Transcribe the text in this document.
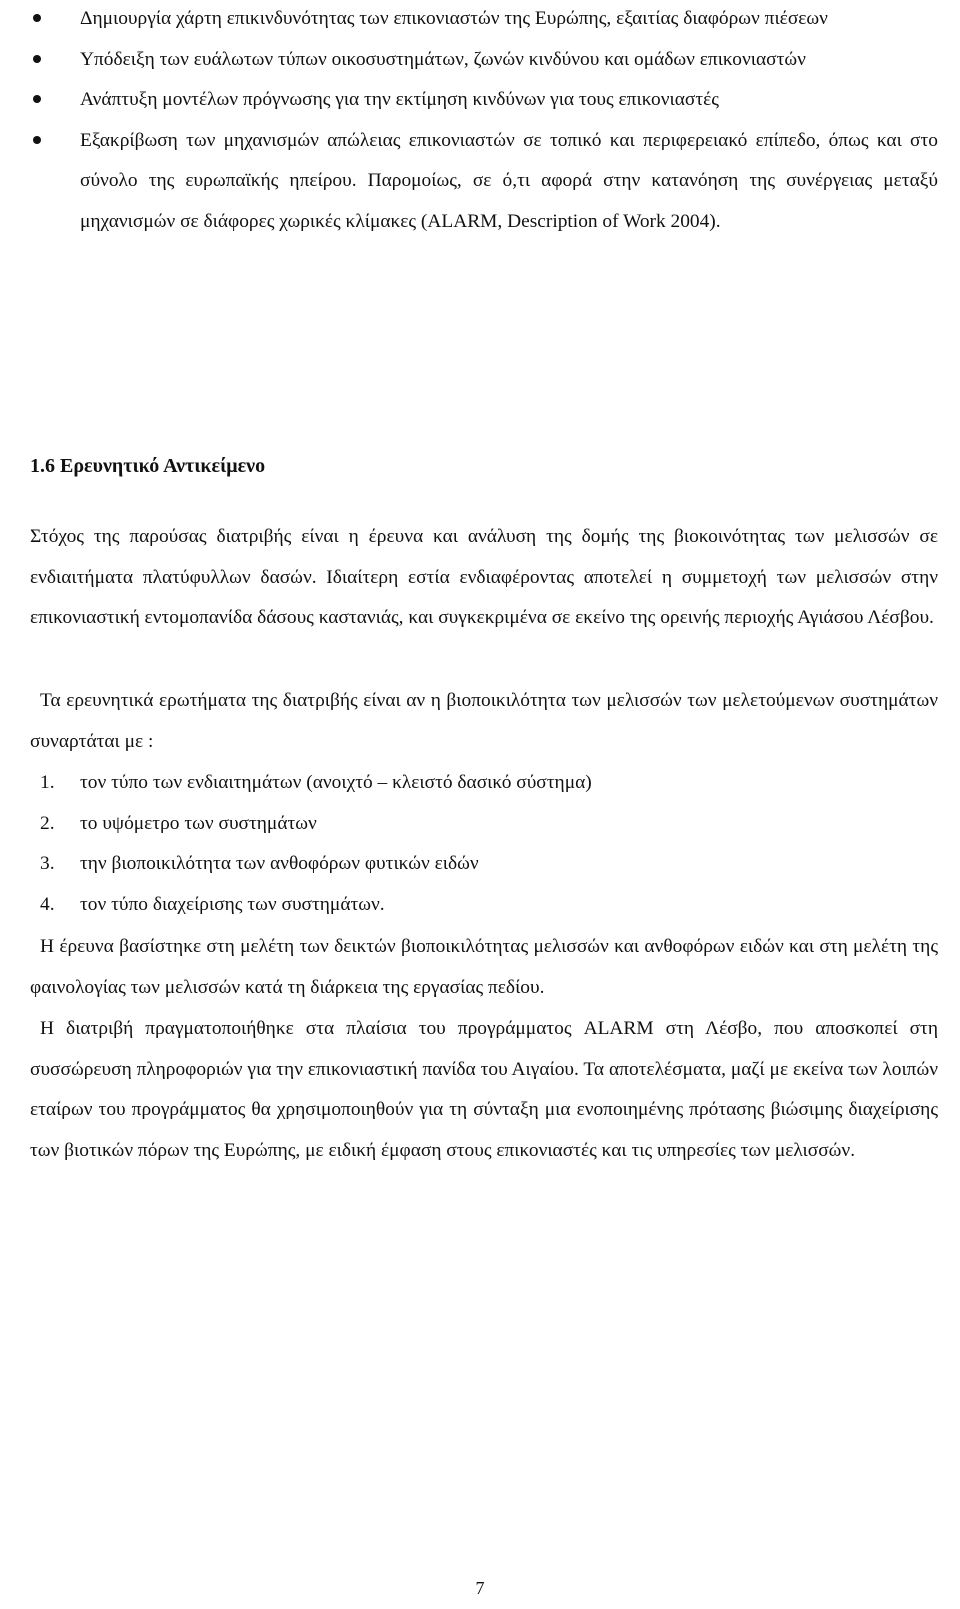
Δημιουργία χάρτη επικινδυνότητας των επικονιαστών της Ευρώπης, εξαιτίας διαφόρων πιέσεων
Υπόδειξη των ευάλωτων τύπων οικοσυστημάτων, ζωνών κινδύνου και ομάδων επικονιαστών
Ανάπτυξη μοντέλων πρόγνωσης για την εκτίμηση κινδύνων για τους επικονιαστές
Εξακρίβωση των μηχανισμών απώλειας επικονιαστών σε τοπικό και περιφερειακό επίπεδο, όπως και στο σύνολο της ευρωπαϊκής ηπείρου. Παρομοίως, σε ό,τι αφορά στην κατανόηση της συνέργειας μεταξύ μηχανισμών σε διάφορες χωρικές κλίμακες (ALARM, Description of Work 2004).
1.6 Ερευνητικό Αντικείμενο
Στόχος της παρούσας διατριβής είναι η έρευνα και ανάλυση της δομής της βιοκοινότητας των μελισσών σε ενδιαιτήματα πλατύφυλλων δασών. Ιδιαίτερη εστία ενδιαφέροντας αποτελεί η συμμετοχή των μελισσών στην επικονιαστική εντομοπανίδα δάσους καστανιάς, και συγκεκριμένα σε εκείνο της ορεινής περιοχής Αγιάσου Λέσβου.
Τα ερευνητικά ερωτήματα της διατριβής είναι αν η βιοποικιλότητα των μελισσών των μελετούμενων συστημάτων συναρτάται με :
1. τον τύπο των ενδιαιτημάτων (ανοιχτό – κλειστό δασικό σύστημα)
2. το υψόμετρο των συστημάτων
3. την βιοποικιλότητα των ανθοφόρων φυτικών ειδών
4. τον τύπο διαχείρισης των συστημάτων.
Η έρευνα βασίστηκε στη μελέτη των δεικτών βιοποικιλότητας μελισσών και ανθοφόρων ειδών και στη μελέτη της φαινολογίας των μελισσών κατά τη διάρκεια της εργασίας πεδίου.
Η διατριβή πραγματοποιήθηκε στα πλαίσια του προγράμματος ALARM στη Λέσβο, που αποσκοπεί στη συσσώρευση πληροφοριών για την επικονιαστική πανίδα του Αιγαίου. Τα αποτελέσματα, μαζί με εκείνα των λοιπών εταίρων του προγράμματος θα χρησιμοποιηθούν για τη σύνταξη μια ενοποιημένης πρότασης βιώσιμης διαχείρισης των βιοτικών πόρων της Ευρώπης, με ειδική έμφαση στους επικονιαστές και τις υπηρεσίες των μελισσών.
7
